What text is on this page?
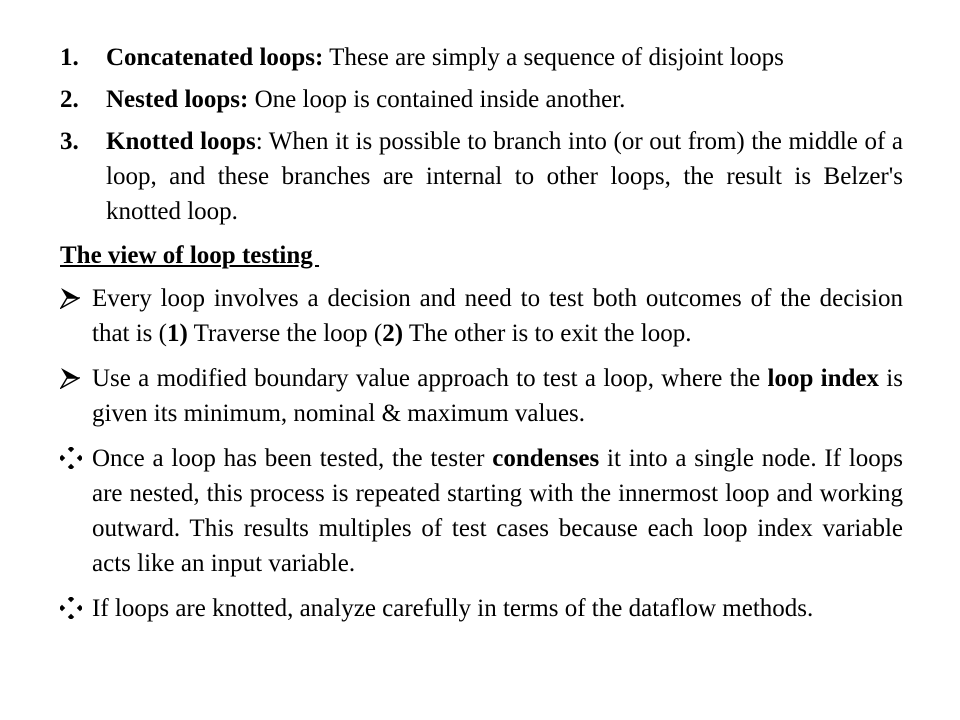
1.	Concatenated loops: These are simply a sequence of disjoint loops
2.	Nested loops: One loop is contained inside another.
3.	Knotted loops: When it is possible to branch into (or out from) the middle of a loop, and these branches are internal to other loops, the result is Belzer's knotted loop.
The view of loop testing
Every loop involves a decision and need to test both outcomes of the decision that is (1) Traverse the loop (2) The other is to exit the loop.
Use a modified boundary value approach to test a loop, where the loop index is given its minimum, nominal & maximum values.
Once a loop has been tested, the tester condenses it into a single node. If loops are nested, this process is repeated starting with the innermost loop and working outward. This results multiples of test cases because each loop index variable acts like an input variable.
If loops are knotted, analyze carefully in terms of the dataflow methods.
